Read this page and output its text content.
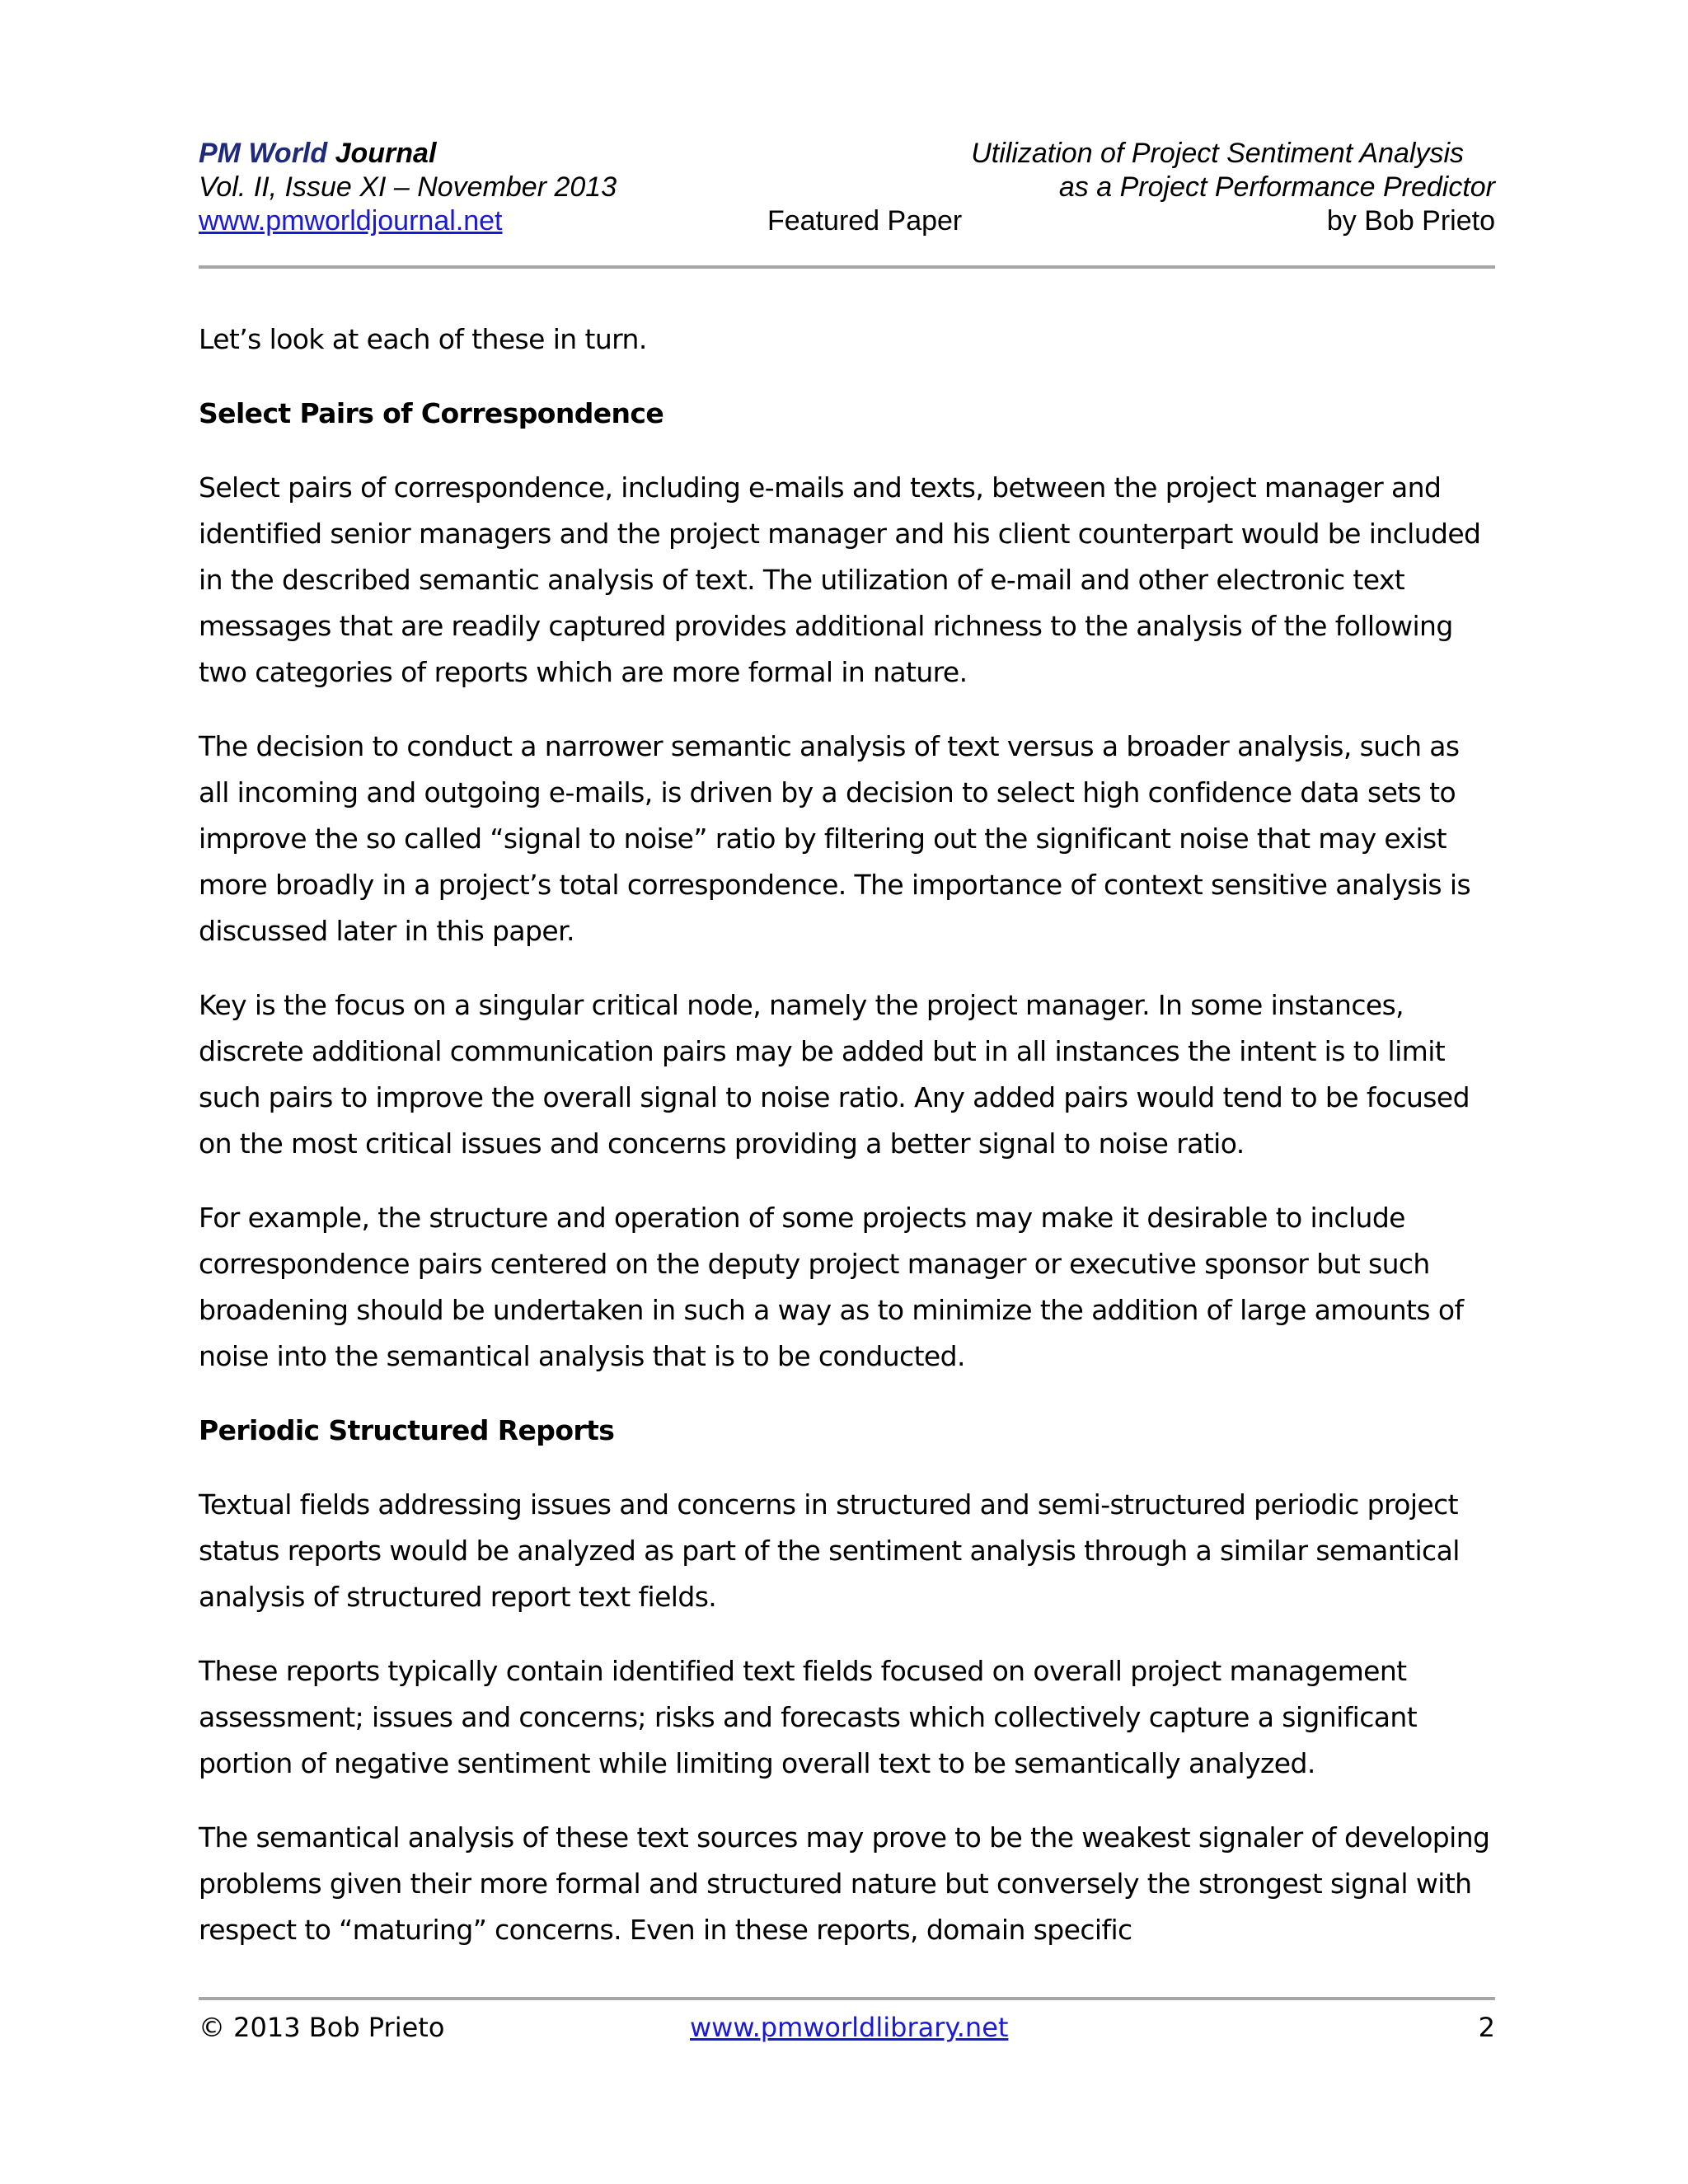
PM World Journal	Utilization of Project Sentiment Analysis
Vol. II, Issue XI – November 2013	as a Project Performance Predictor
www.pmworldjournal.net	Featured Paper	by Bob Prieto

Let’s look at each of these in turn.

Select Pairs of Correspondence

Select pairs of correspondence, including e-mails and texts, between the project manager and identified senior managers and the project manager and his client counterpart would be included in the described semantic analysis of text. The utilization of e-mail and other electronic text messages that are readily captured provides additional richness to the analysis of the following two categories of reports which are more formal in nature.

The decision to conduct a narrower semantic analysis of text versus a broader analysis, such as all incoming and outgoing e-mails, is driven by a decision to select high confidence data sets to improve the so called “signal to noise” ratio by filtering out the significant noise that may exist more broadly in a project’s total correspondence. The importance of context sensitive analysis is discussed later in this paper.

Key is the focus on a singular critical node, namely the project manager. In some instances, discrete additional communication pairs may be added but in all instances the intent is to limit such pairs to improve the overall signal to noise ratio. Any added pairs would tend to be focused on the most critical issues and concerns providing a better signal to noise ratio.

For example, the structure and operation of some projects may make it desirable to include correspondence pairs centered on the deputy project manager or executive sponsor but such broadening should be undertaken in such a way as to minimize the addition of large amounts of noise into the semantical analysis that is to be conducted.

Periodic Structured Reports

Textual fields addressing issues and concerns in structured and semi-structured periodic project status reports would be analyzed as part of the sentiment analysis through a similar semantical analysis of structured report text fields.

These reports typically contain identified text fields focused on overall project management assessment; issues and concerns; risks and forecasts which collectively capture a significant portion of negative sentiment while limiting overall text to be semantically analyzed.

The semantical analysis of these text sources may prove to be the weakest signaler of developing problems given their more formal and structured nature but conversely the strongest signal with respect to “maturing” concerns. Even in these reports, domain specific

© 2013 Bob Prieto	www.pmworldlibrary.net	2
